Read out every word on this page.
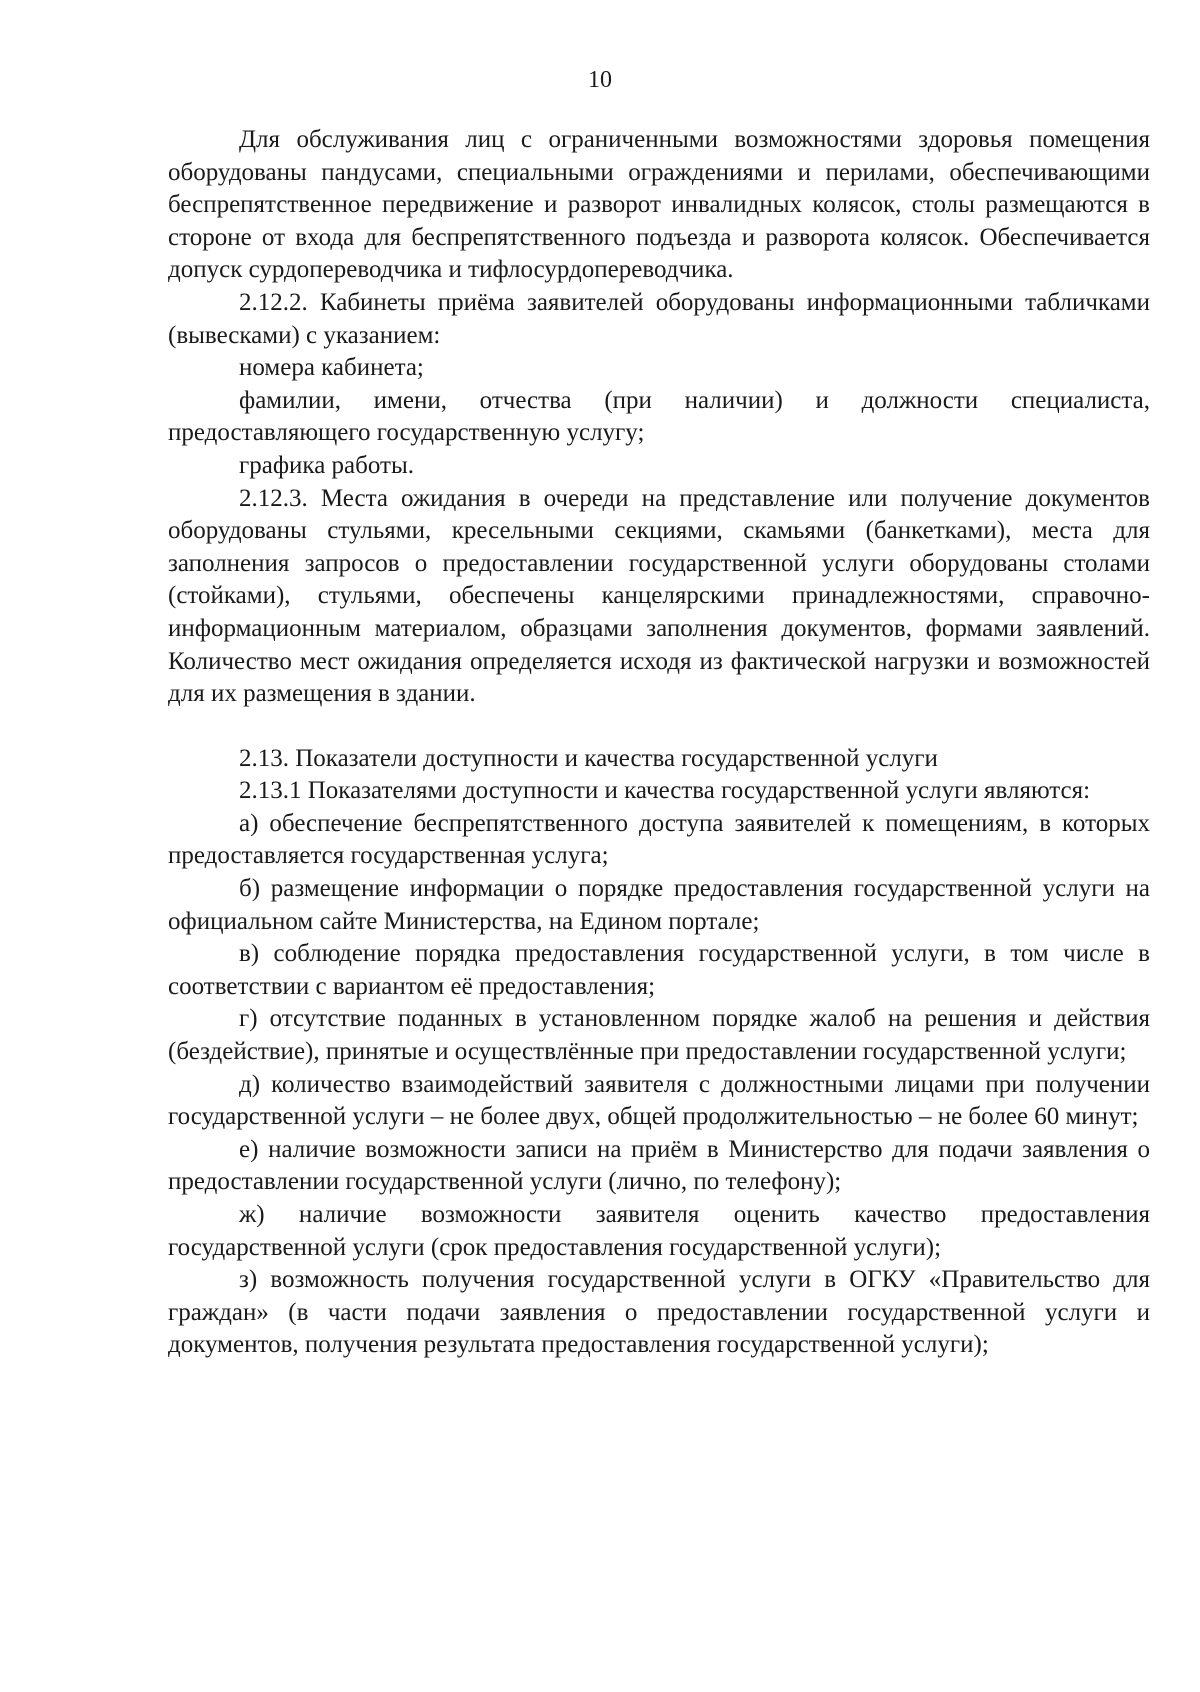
10

Для обслуживания лиц с ограниченными возможностями здоровья помещения оборудованы пандусами, специальными ограждениями и перилами, обеспечивающими беспрепятственное передвижение и разворот инвалидных колясок, столы размещаются в стороне от входа для беспрепятственного подъезда и разворота колясок. Обеспечивается допуск сурдопереводчика и тифлосурдопереводчика.

2.12.2. Кабинеты приёма заявителей оборудованы информационными табличками (вывесками) с указанием:

номера кабинета;

фамилии, имени, отчества (при наличии) и должности специалиста, предоставляющего государственную услугу;

графика работы.

2.12.3. Места ожидания в очереди на представление или получение документов оборудованы стульями, кресельными секциями, скамьями (банкетками), места для заполнения запросов о предоставлении государственной услуги оборудованы столами (стойками), стульями, обеспечены канцелярскими принадлежностями, справочно-информационным материалом, образцами заполнения документов, формами заявлений. Количество мест ожидания определяется исходя из фактической нагрузки и возможностей для их размещения в здании.

2.13. Показатели доступности и качества государственной услуги

2.13.1 Показателями доступности и качества государственной услуги являются:

а) обеспечение беспрепятственного доступа заявителей к помещениям, в которых предоставляется государственная услуга;

б) размещение информации о порядке предоставления государственной услуги на официальном сайте Министерства, на Едином портале;

в) соблюдение порядка предоставления государственной услуги, в том числе в соответствии с вариантом её предоставления;

г) отсутствие поданных в установленном порядке жалоб на решения и действия (бездействие), принятые и осуществлённые при предоставлении государственной услуги;

д) количество взаимодействий заявителя с должностными лицами при получении государственной услуги – не более двух, общей продолжительностью – не более 60 минут;

е) наличие возможности записи на приём в Министерство для подачи заявления о предоставлении государственной услуги (лично, по телефону);

ж) наличие возможности заявителя оценить качество предоставления государственной услуги (срок предоставления государственной услуги);

з) возможность получения государственной услуги в ОГКУ «Правительство для граждан» (в части подачи заявления о предоставлении государственной услуги и документов, получения результата предоставления государственной услуги);
